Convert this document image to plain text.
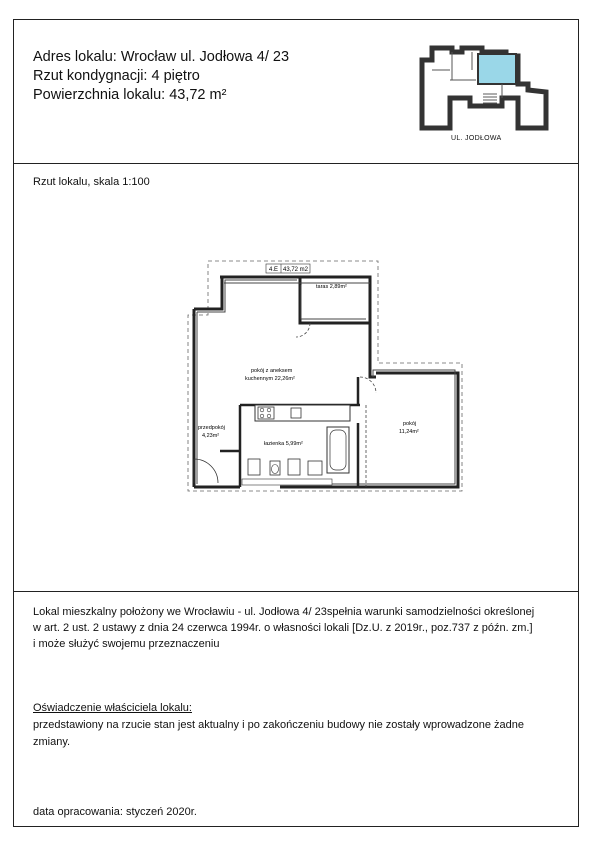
Adres lokalu: Wrocław ul. Jodłowa 4/ 23
Rzut kondygnacji: 4 piętro
Powierzchnia lokalu: 43,72 m²
UL. JODŁOWA
Rzut lokalu, skala 1:100
4.E 43,72 m2
taras 2,89m²
pokój z aneksem
kuchennym 22,26m²
przedpokój
4,23m²
łazienka 5,99m²
pokój
11,24m²
Lokal mieszkalny położony we Wrocławiu - ul. Jodłowa 4/ 23spełnia warunki samodzielności określonej
w art. 2 ust. 2 ustawy z dnia 24 czerwca 1994r. o własności lokali [Dz.U. z 2019r., poz.737 z późn. zm.]
i może służyć swojemu przeznaczeniu
Oświadczenie właściciela lokalu:
przedstawiony na rzucie stan jest aktualny i po zakończeniu budowy nie zostały wprowadzone żadne zmiany.
data opracowania: styczeń 2020r.
